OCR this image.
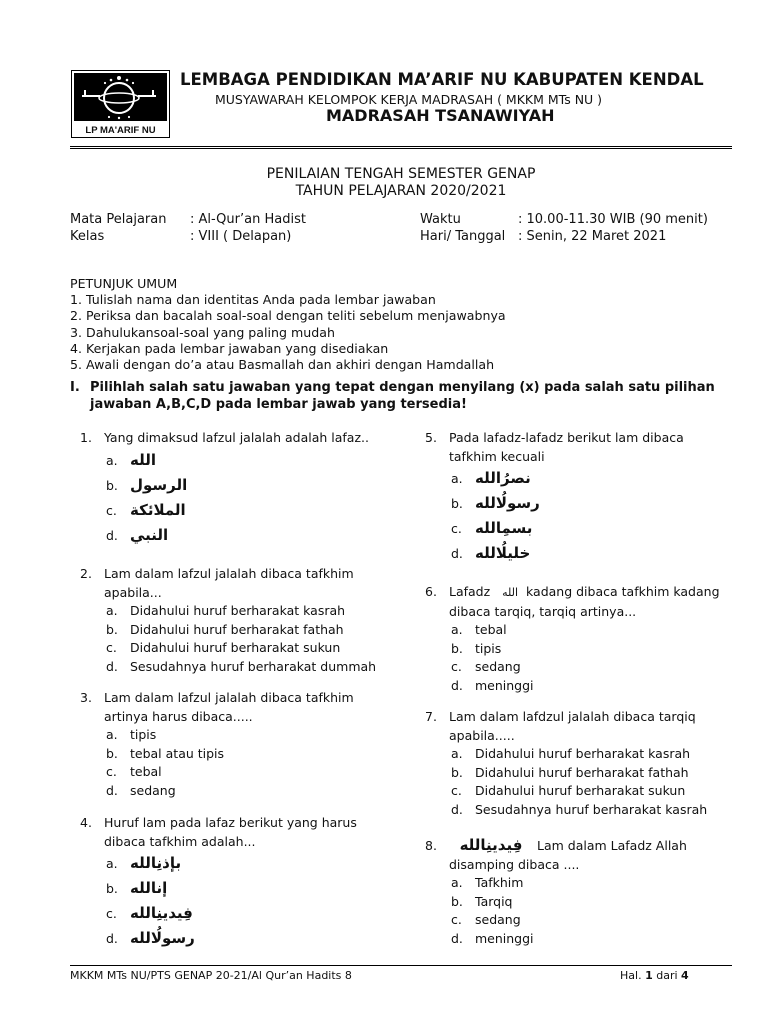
LP MA'ARIF NU
LEMBAGA PENDIDIKAN MA’ARIF NU KABUPATEN KENDAL
MUSYAWARAH KELOMPOK KERJA MADRASAH ( MKKM MTs NU )
MADRASAH TSANAWIYAH
PENILAIAN TENGAH SEMESTER GENAP
TAHUN PELAJARAN 2020/2021
Mata Pelajaran : Al-Qur’an Hadist
Kelas	: VIII ( Delapan)
Waktu	: 10.00-11.30 WIB (90 menit)
Hari/ Tanggal : Senin, 22 Maret 2021
PETUNJUK UMUM
1. Tulislah nama dan identitas Anda pada lembar jawaban
2. Periksa dan bacalah soal-soal dengan teliti sebelum menjawabnya
3. Dahulukansoal-soal yang paling mudah
4. Kerjakan pada lembar jawaban yang disediakan
5. Awali dengan do’a atau Basmallah dan akhiri dengan Hamdallah
I. Pilihlah salah satu jawaban yang tepat dengan menyilang (x) pada salah satu pilihan
jawaban A,B,C,D pada lembar jawab yang tersedia!
1. Yang dimaksud lafzul jalalah adalah lafaz..
a. الله
b. الرسول
c. الملائكة
d. النبي
2. Lam dalam lafzul jalalah dibaca tafkhim
apabila...
a. Didahului huruf berharakat kasrah
b. Didahului huruf berharakat fathah
c. Didahului huruf berharakat sukun
d. Sesudahnya huruf berharakat dummah
3. Lam dalam lafzul jalalah dibaca tafkhim
artinya harus dibaca.....
a. tipis
b. tebal atau tipis
c. tebal
d. sedang
4. Huruf lam pada lafaz berikut yang harus
dibaca tafkhim adalah...
a. بإذنِالله
b. إنالله
c. فِيدينِالله
d. رسولُالله
5. Pada lafadz-lafadz berikut lam dibaca
tafkhim kecuali
a. نصرُالله
b. رسولُالله
c. بسمِالله
d. خليلُالله
6. Lafadz الله kadang dibaca tafkhim kadang
dibaca tarqiq, tarqiq artinya...
a. tebal
b. tipis
c. sedang
d. meninggi
7. Lam dalam lafdzul jalalah dibaca tarqiq
apabila.....
a. Didahului huruf berharakat kasrah
b. Didahului huruf berharakat fathah
c. Didahului huruf berharakat sukun
d. Sesudahnya huruf berharakat kasrah
8. فِيدينِالله Lam dalam Lafadz Allah
disamping dibaca ....
a. Tafkhim
b. Tarqiq
c. sedang
d. meninggi
MKKM MTs NU/PTS GENAP 20-21/Al Qur’an Hadits 8	Hal. 1 dari 4
